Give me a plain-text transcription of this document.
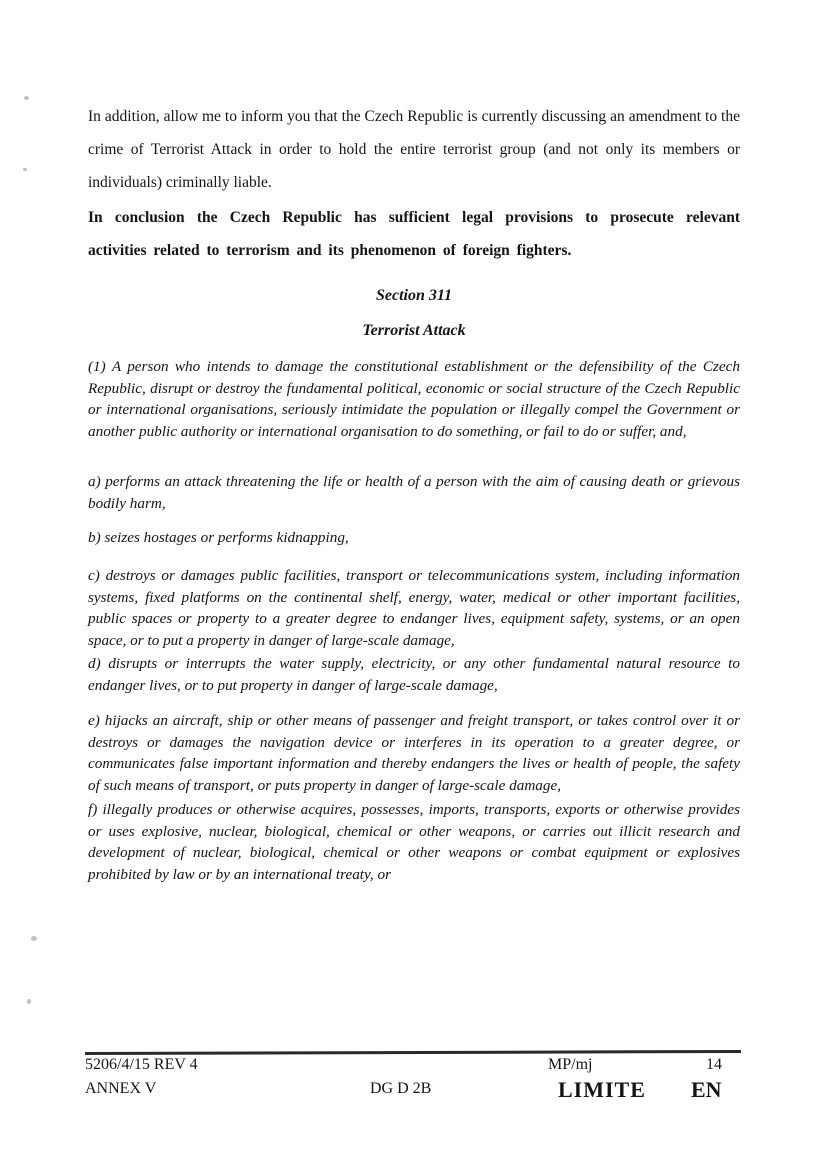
In addition, allow me to inform you that the Czech Republic is currently discussing an amendment to the crime of Terrorist Attack in order to hold the entire terrorist group (and not only its members or individuals) criminally liable.

In conclusion the Czech Republic has sufficient legal provisions to prosecute relevant activities related to terrorism and its phenomenon of foreign fighters.

Section 311
Terrorist Attack

(1) A person who intends to damage the constitutional establishment or the defensibility of the Czech Republic, disrupt or destroy the fundamental political, economic or social structure of the Czech Republic or international organisations, seriously intimidate the population or illegally compel the Government or another public authority or international organisation to do something, or fail to do or suffer, and,

a) performs an attack threatening the life or health of a person with the aim of causing death or grievous bodily harm,

b) seizes hostages or performs kidnapping,

c) destroys or damages public facilities, transport or telecommunications system, including information systems, fixed platforms on the continental shelf, energy, water, medical or other important facilities, public spaces or property to a greater degree to endanger lives, equipment safety, systems, or an open space, or to put a property in danger of large-scale damage,

d) disrupts or interrupts the water supply, electricity, or any other fundamental natural resource to endanger lives, or to put property in danger of large-scale damage,

e) hijacks an aircraft, ship or other means of passenger and freight transport, or takes control over it or destroys or damages the navigation device or interferes in its operation to a greater degree, or communicates false important information and thereby endangers the lives or health of people, the safety of such means of transport, or puts property in danger of large-scale damage,

f) illegally produces or otherwise acquires, possesses, imports, transports, exports or otherwise provides or uses explosive, nuclear, biological, chemical or other weapons, or carries out illicit research and development of nuclear, biological, chemical or other weapons or combat equipment or explosives prohibited by law or by an international treaty, or

5206/4/15 REV 4	MP/mj	14

ANNEX V	DG D 2B	LIMITE EN
